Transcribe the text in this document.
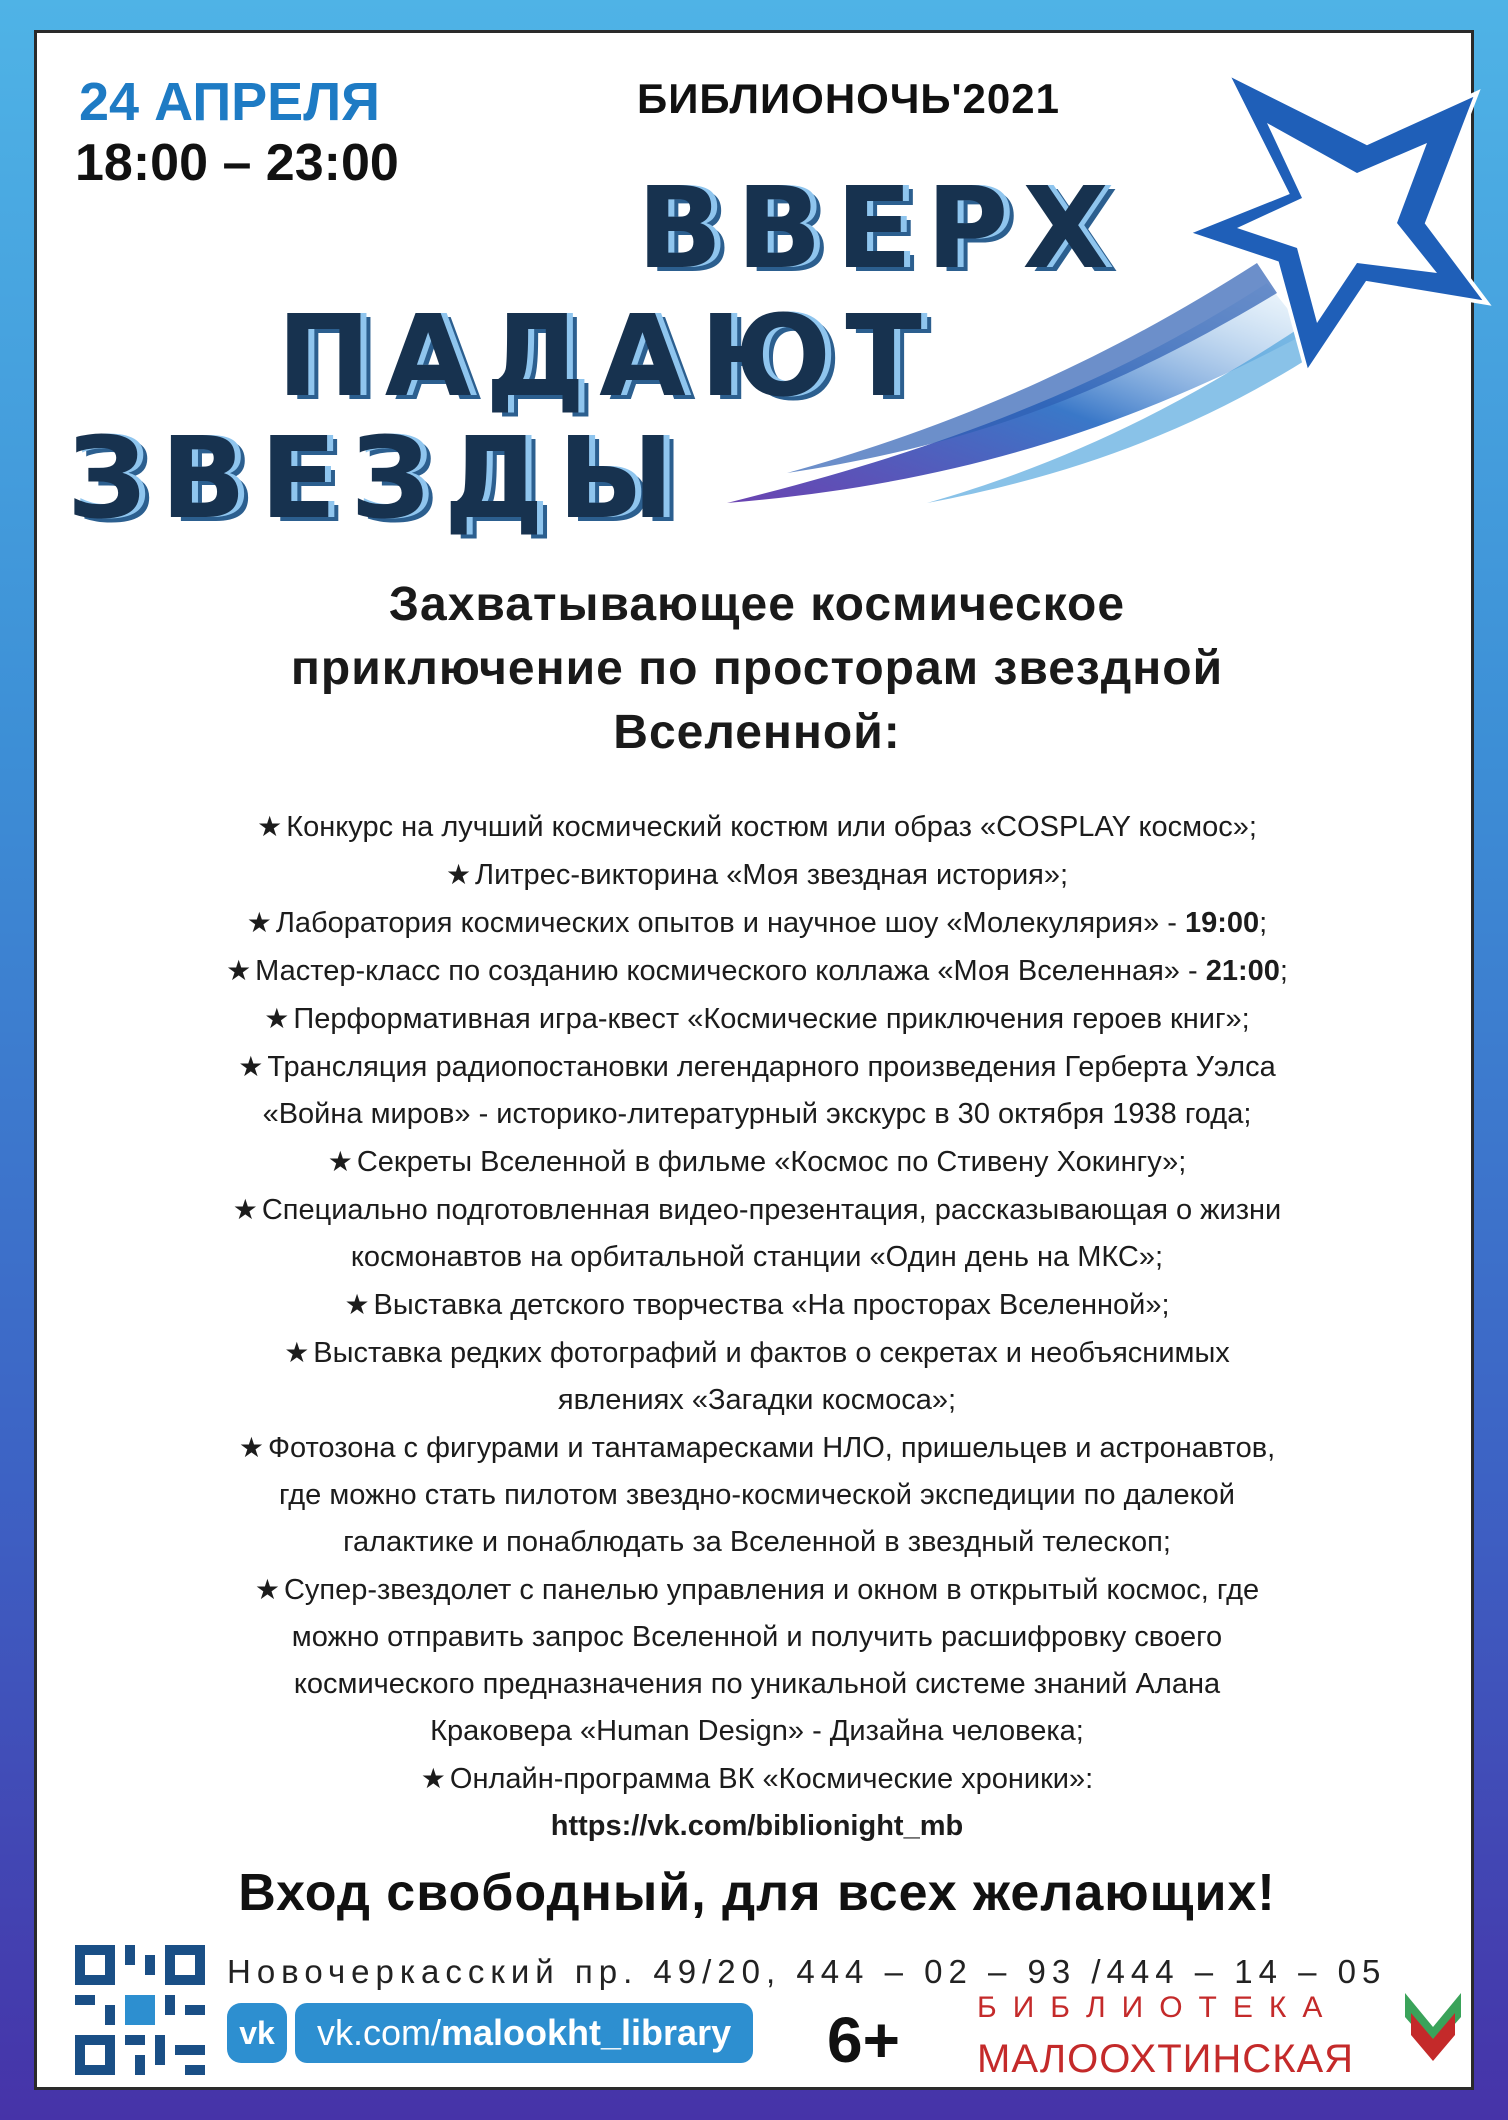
24 АПРЕЛЯ
18:00 – 23:00
БИБЛИОНОЧЬ'2021
ВВЕРХ
ПАДАЮТ
ЗВЕЗДЫ
Захватывающее космическое
приключение по просторам звездной
Вселенной:
★ Конкурс на лучший космический костюм или образ «COSPLAY космос»;
★ Литрес-викторина «Моя звездная история»;
★ Лаборатория космических опытов и научное шоу «Молекулярия» - 19:00;
★ Мастер-класс по созданию космического коллажа «Моя Вселенная» - 21:00;
★ Перформативная игра-квест «Космические приключения героев книг»;
★ Трансляция радиопостановки легендарного произведения Герберта Уэлса
«Война миров» - историко-литературный экскурс в 30 октября 1938 года;
★ Секреты Вселенной в фильме «Космос по Стивену Хокингу»;
★ Специально подготовленная видео-презентация, рассказывающая о жизни
космонавтов на орбитальной станции «Один день на МКС»;
★ Выставка детского творчества «На просторах Вселенной»;
★ Выставка редких фотографий и фактов о секретах и необъяснимых
явлениях «Загадки космоса»;
★ Фотозона с фигурами и тантамаресками НЛО, пришельцев и астронавтов,
где можно стать пилотом звездно-космической экспедиции по далекой
галактике и понаблюдать за Вселенной в звездный телескоп;
★ Супер-звездолет с панелью управления и окном в открытый космос, где
можно отправить запрос Вселенной и получить расшифровку своего
космического предназначения по уникальной системе знаний Алана
Краковера «Human Design» - Дизайна человека;
★ Онлайн-программа ВК «Космические хроники»:
https://vk.com/biblionight_mb
Вход свободный, для всех желающих!
Новочеркасский пр. 49/20, 444 – 02 – 93 /444 – 14 – 05
vk	vk.com/ malookht_library 6+	БИБЛИОТЕКА
МАЛООХТИНСКАЯ
